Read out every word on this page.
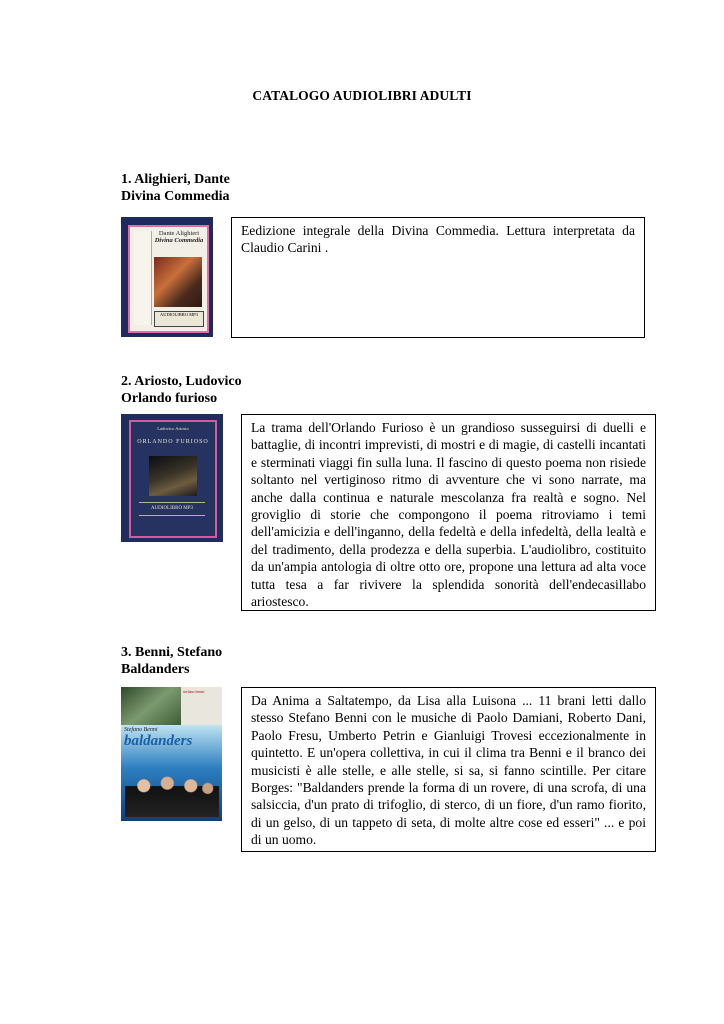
CATALOGO AUDIOLIBRI ADULTI
1. Alighieri, Dante
Divina Commedia
Dante Alighieri
Divina Commedia
AUDIOLIBRO MP3
Eedizione integrale della Divina Commedia. Lettura interpretata da Claudio Carini .
2. Ariosto, Ludovico
Orlando furioso
Ludovico Ariosto
ORLANDO FURIOSO
AUDIOLIBRO MP3
La trama dell'Orlando Furioso è un grandioso susseguirsi di duelli e battaglie, di incontri imprevisti, di mostri e di magie, di castelli incantati e sterminati viaggi fin sulla luna. Il fascino di questo poema non risiede soltanto nel vertiginoso ritmo di avventure che vi sono narrate, ma anche dalla continua e naturale mescolanza fra realtà e sogno. Nel groviglio di storie che compongono il poema ritroviamo i temi dell'amicizia e dell'inganno, della fedeltà e della infedeltà, della lealtà e del tradimento, della prodezza e della superbia. L'audiolibro, costituito da un'ampia antologia di oltre otto ore, propone una lettura ad alta voce tutta tesa a far rivivere la splendida sonorità dell'endecasillabo ariostesco.
3. Benni, Stefano
Baldanders
stefano benni
Stefano Benni
baldanders
Da Anima a Saltatempo, da Lisa alla Luisona ... 11 brani letti dallo stesso Stefano Benni con le musiche di Paolo Damiani, Roberto Dani, Paolo Fresu, Umberto Petrin e Gianluigi Trovesi eccezionalmente in quintetto. E un'opera collettiva, in cui il clima tra Benni e il branco dei musicisti è alle stelle, e alle stelle, si sa, si fanno scintille. Per citare Borges: "Baldanders prende la forma di un rovere, di una scrofa, di una salsiccia, d'un prato di trifoglio, di sterco, di un fiore, d'un ramo fiorito, di un gelso, di un tappeto di seta, di molte altre cose ed esseri" ... e poi di un uomo.
